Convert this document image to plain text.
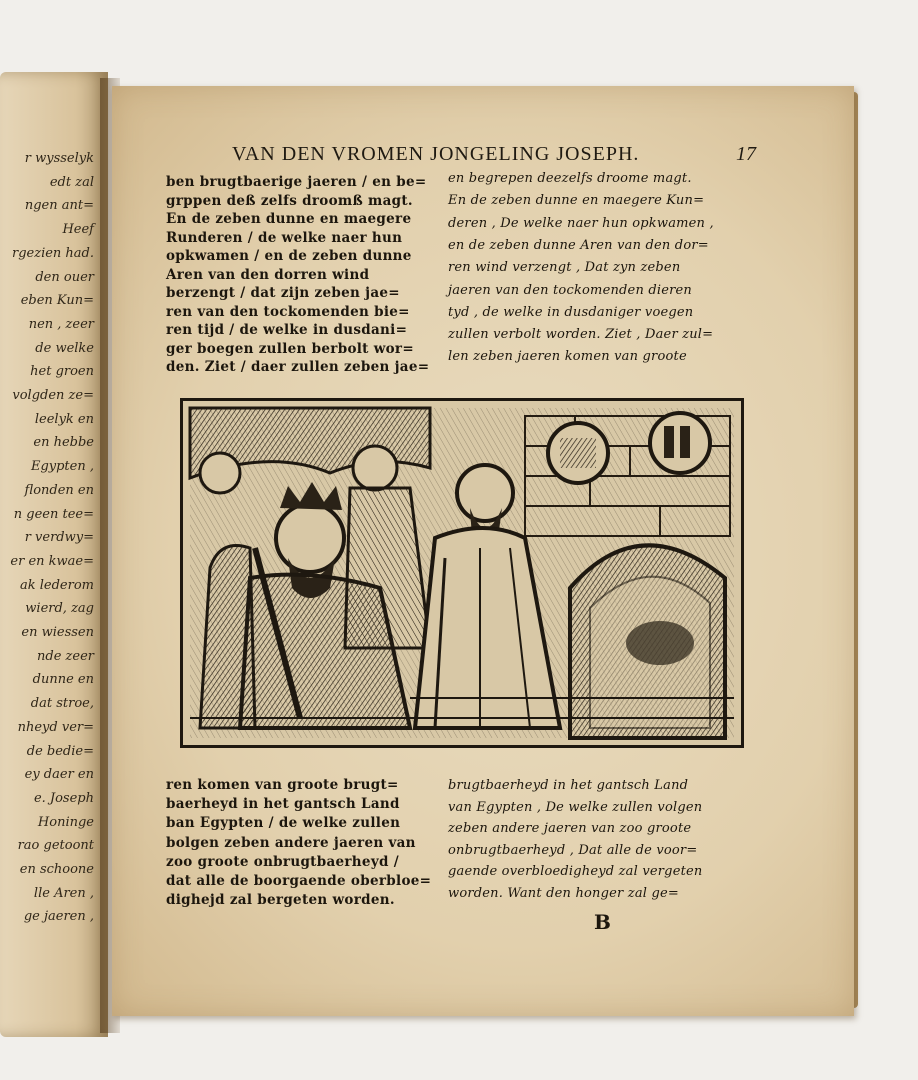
r wysselyk
edt zal
ngen ant=
Heef
rgezien had.
den ouer
eben Kun=
nen , zeer
de welke
het groen
volgden ze=
leelyk en
en hebbe
Egypten ,
flonden en
n geen tee=
r verdwy=
er en kwae=
ak lederom
wierd, zag
en wiessen
nde zeer
dunne en
dat stroe,
nheyd ver=
de bedie=
ey daer en
e. Joseph
Honinge
rao getoont
en schoone
lle Aren ,
ge jaeren ,
VAN DEN VROMEN JONGELING JOSEPH.	17
ben brugtbaerige jaeren / en be=
grppen deß zelfs droomß magt.
En de zeben dunne en maegere
Runderen / de welke naer hun
opkwamen / en de zeben dunne
Aren van den dorren wind
berzengt / dat zijn zeben jae=
ren van den tockomenden bie=
ren tijd / de welke in dusdani=
ger boegen zullen berbolt wor=
den. Ziet / daer zullen zeben jae=
en begrepen deezelfs droome magt.
En de zeben dunne en maegere Kun=
deren , De welke naer hun opkwamen ,
en de zeben dunne Aren van den dor=
ren wind verzengt , Dat zyn zeben
jaeren van den tockomenden dieren
tyd , de welke in dusdaniger voegen
zullen verbolt worden. Ziet , Daer zul=
len zeben jaeren komen van groote
ren komen van groote brugt=
baerheyd in het gantsch Land
ban Egypten / de welke zullen
bolgen zeben andere jaeren van
zoo groote onbrugtbaerheyd /
dat alle de boorgaende oberbloe=
dighejd zal bergeten worden.
brugtbaerheyd in het gantsch Land
van Egypten , De welke zullen volgen
zeben andere jaeren van zoo groote
onbrugtbaerheyd , Dat alle de voor=
gaende overbloedigheyd zal vergeten
worden. Want den honger zal ge=
B
